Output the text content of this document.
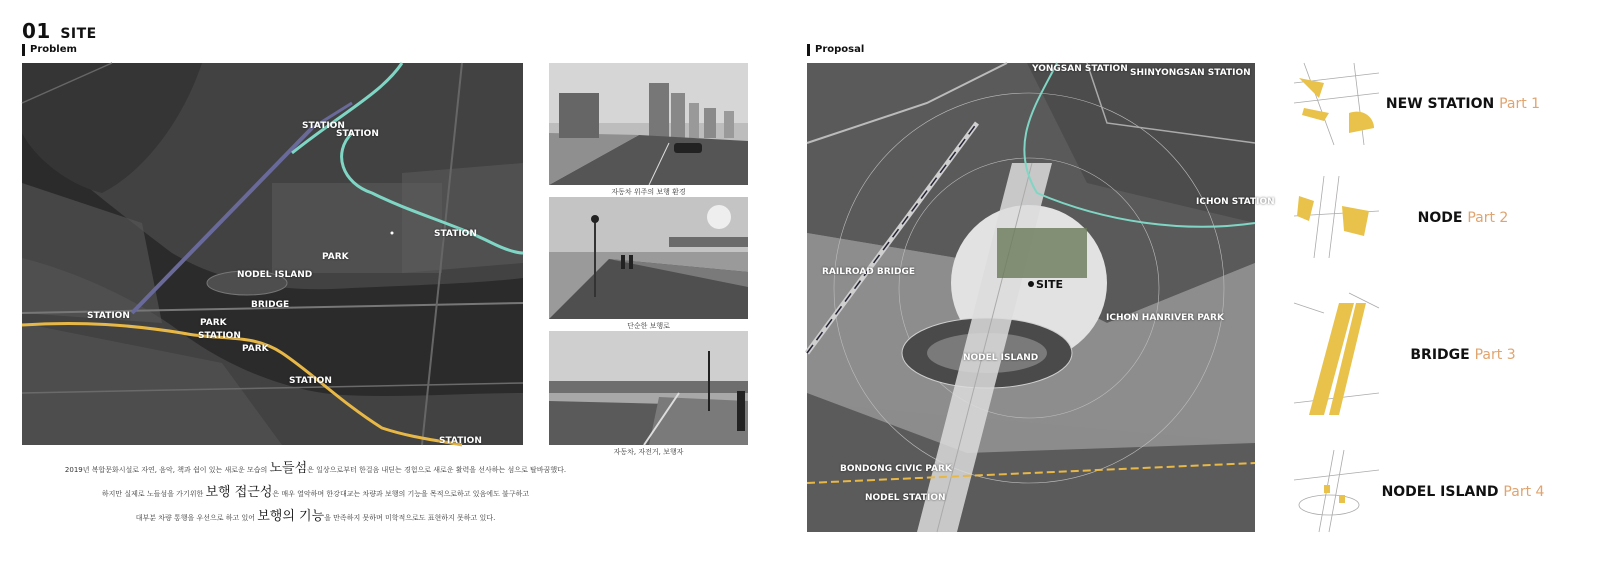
01 SITE
Problem	Proposal
STATION
STATION
STATION
PARK
NODEL ISLAND
BRIDGE
STATION
PARK
STATION
PARK
STATION
STATION
자동차 위주의 보행 환경
단순한 보행로
자동차, 자전거, 보행자
2019년 복합문화시설로 자연, 음악, 책과 쉼이 있는 새로운 모습의 노들섬은 일상으로부터 한걸음 내딛는 경험으로 새로운 활력을 선사하는 섬으로 탈바꿈했다.
하지만 실제로 노들섬을 가기위한 보행 접근성은 매우 열악하며 한강대교는 차량과 보행의 기능을 목적으로하고 있음에도 불구하고
대부분 차량 통행을 우선으로 하고 있어 보행의 기능을 만족하지 못하며 미학적으로도 표현하지 못하고 있다.
YONGSAN STATION SHINYONGSAN STATION
ICHON STATION
RAILROAD BRIDGE
SITE
ICHON HANRIVER PARK
NODEL ISLAND
BONDONG CIVIC PARK
NODEL STATION
NEW STATION Part 1
NODE Part 2
BRIDGE Part 3
NODEL ISLAND Part 4
